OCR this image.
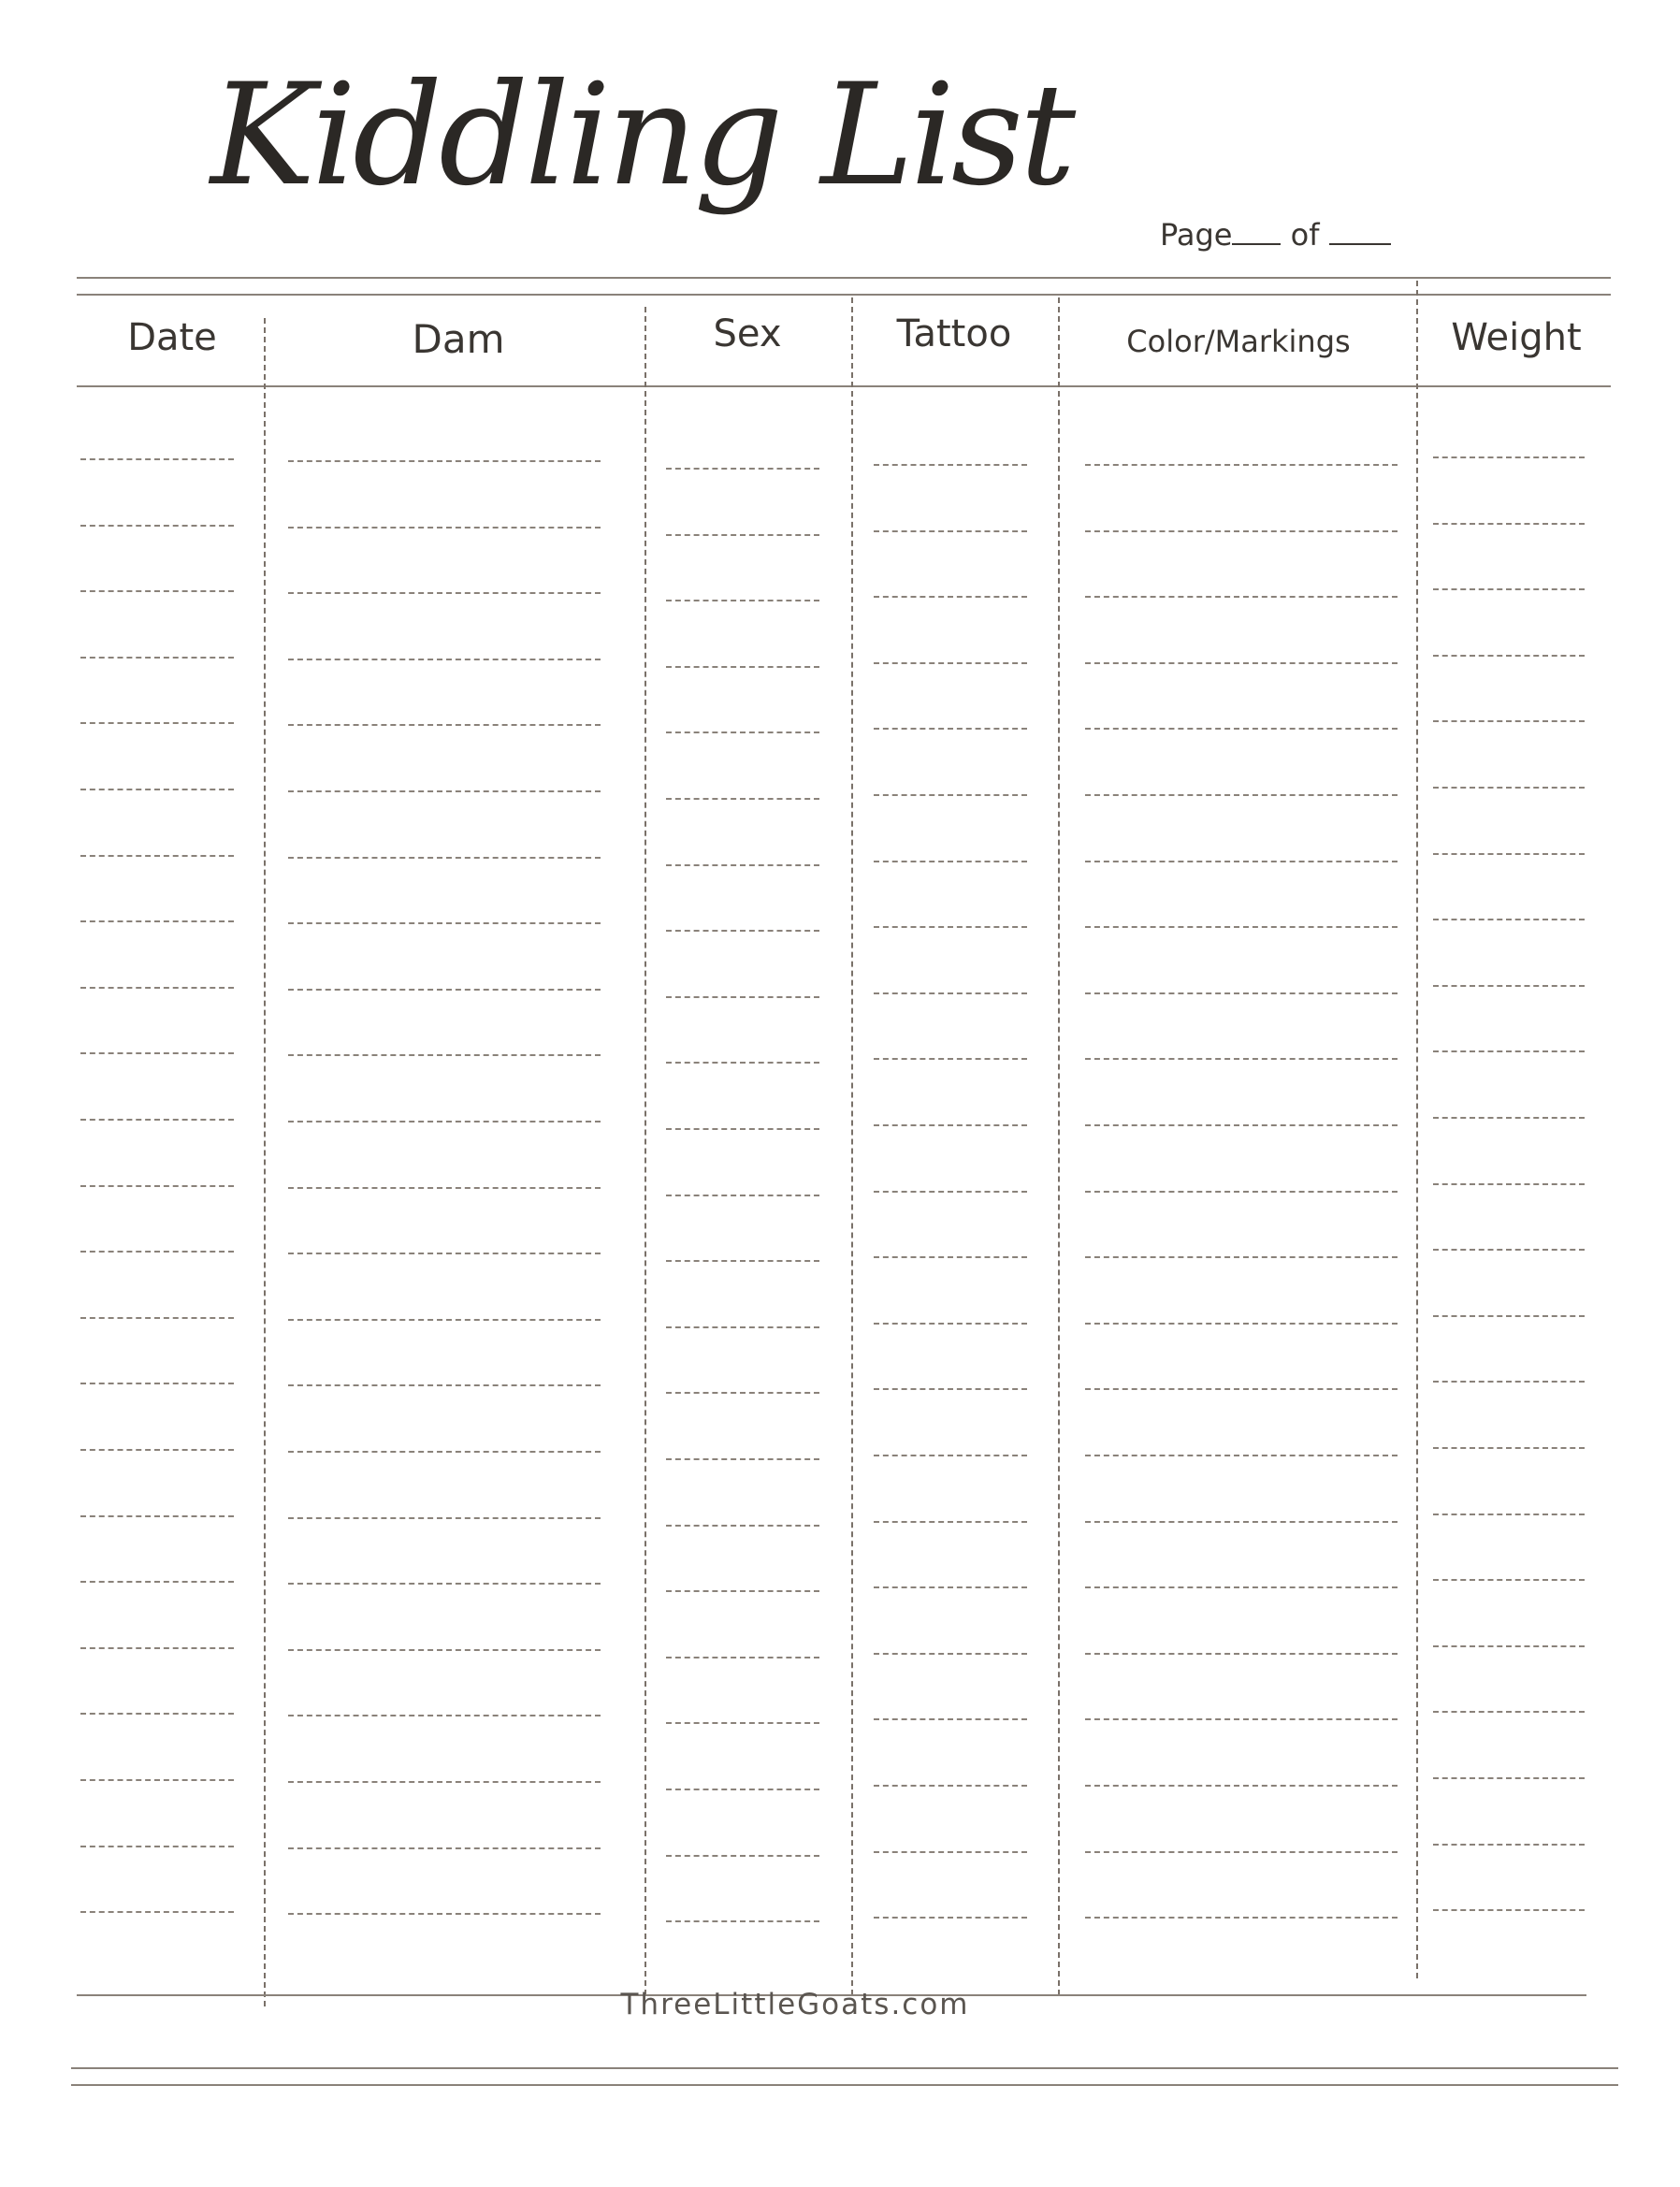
Kiddling List
Page of
Date	Dam	Sex	Tattoo	Color/Markings	Weight
ThreeLittleGoats.com
